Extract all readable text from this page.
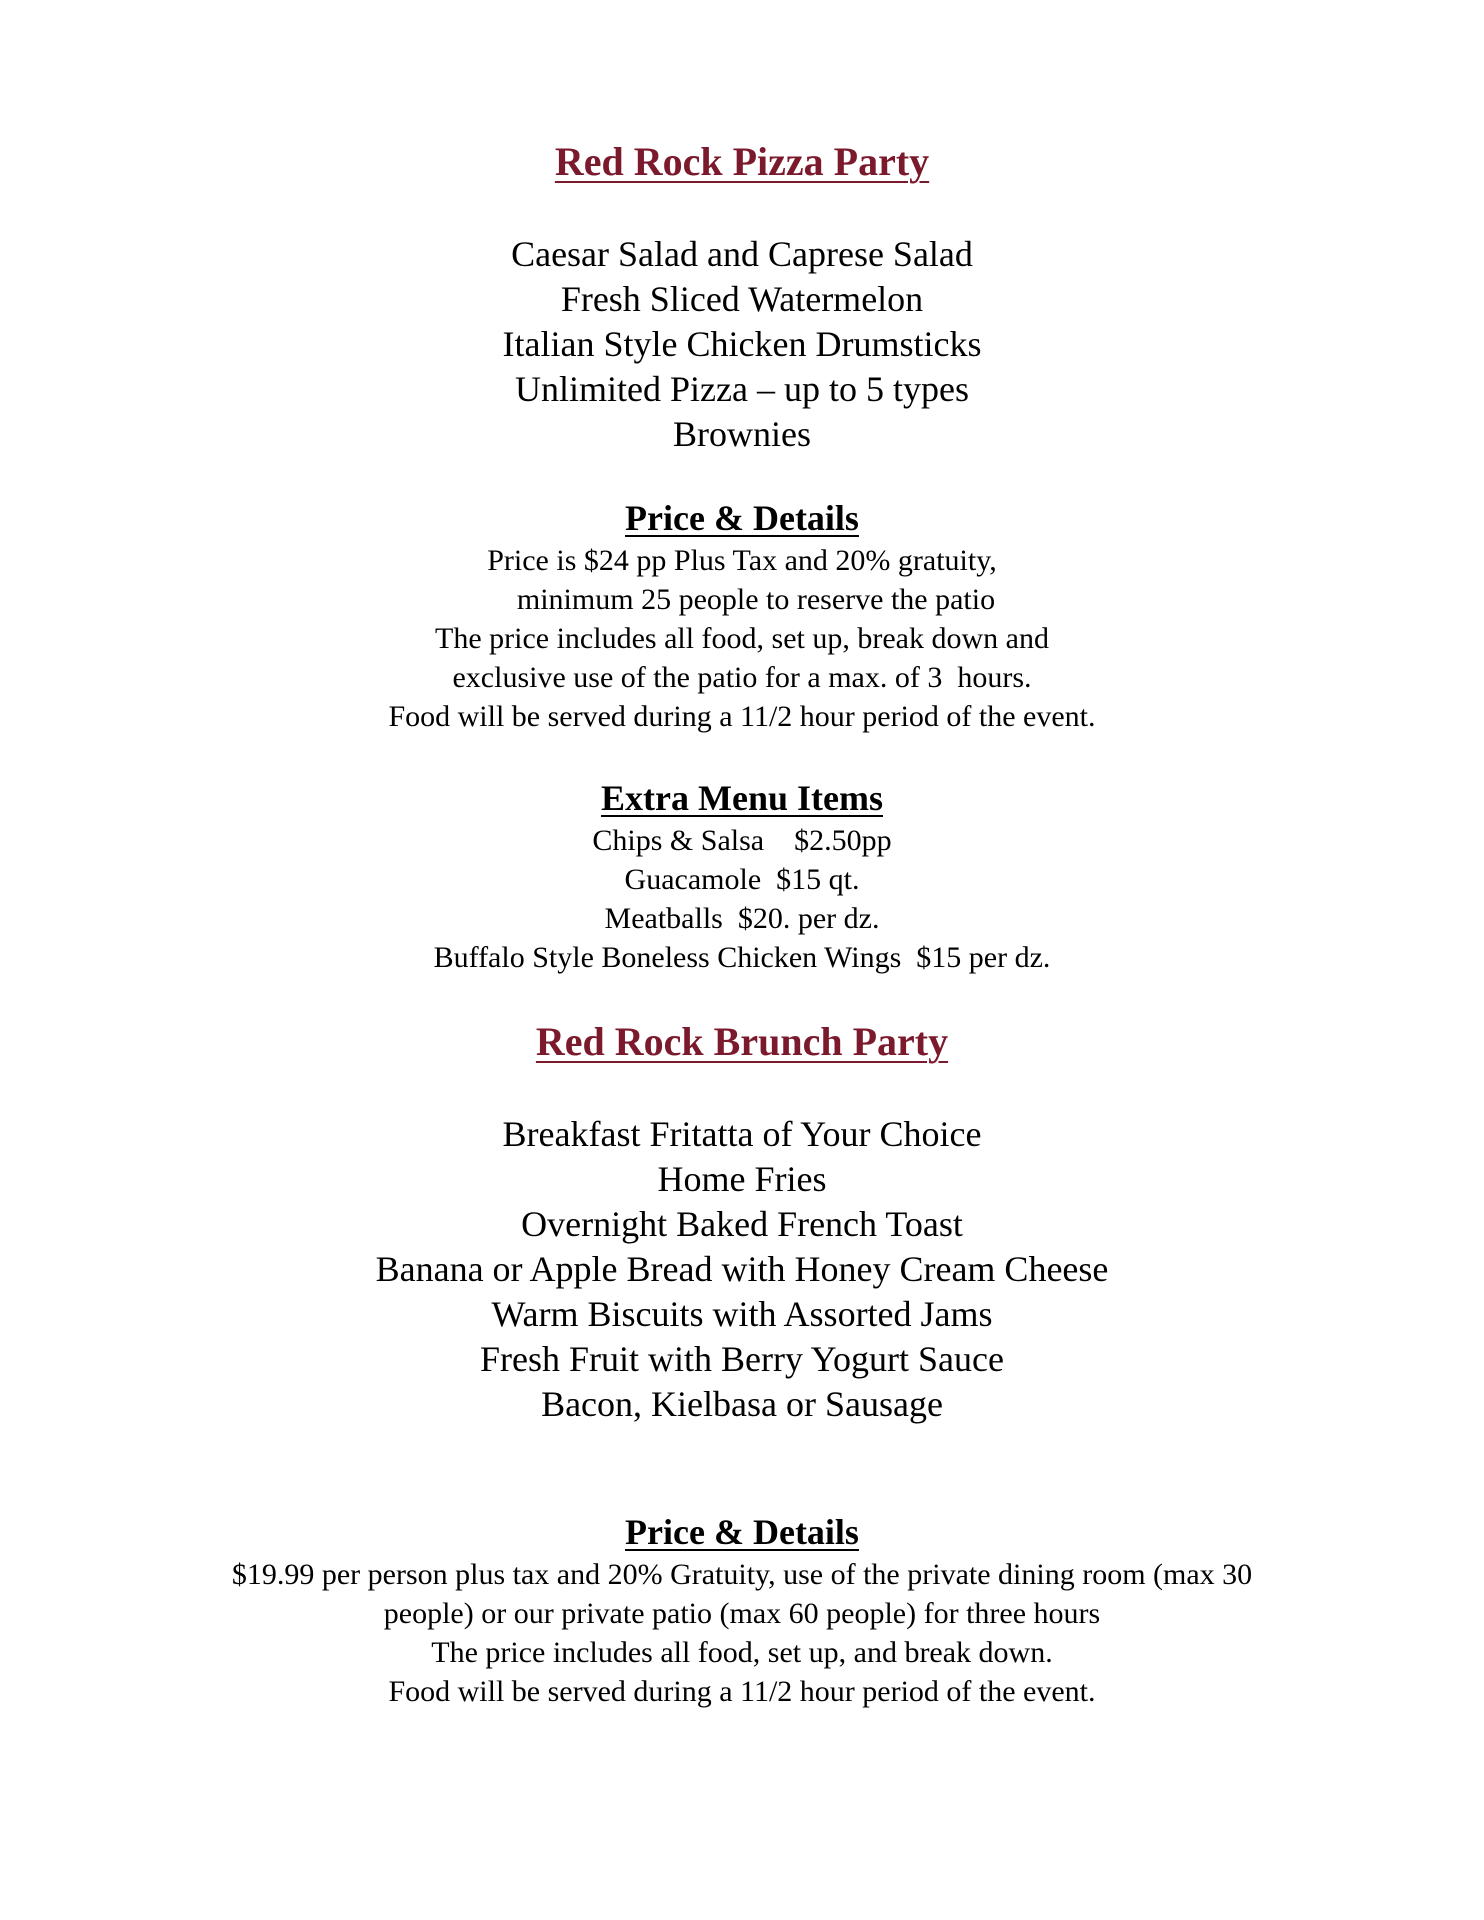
Red Rock Pizza Party
Caesar Salad and Caprese Salad
Fresh Sliced Watermelon
Italian Style Chicken Drumsticks
Unlimited Pizza – up to 5 types
Brownies
Price & Details
Price is $24 pp Plus Tax and 20% gratuity,
minimum 25 people to reserve the patio
The price includes all food, set up, break down and
exclusive use of the patio for a max. of 3  hours.
Food will be served during a 11/2 hour period of the event.
Extra Menu Items
Chips & Salsa    $2.50pp
Guacamole  $15 qt.
Meatballs  $20. per dz.
Buffalo Style Boneless Chicken Wings  $15 per dz.
Red Rock Brunch Party
Breakfast Fritatta of Your Choice
Home Fries
Overnight Baked French Toast
Banana or Apple Bread with Honey Cream Cheese
Warm Biscuits with Assorted Jams
Fresh Fruit with Berry Yogurt Sauce
Bacon, Kielbasa or Sausage
Price & Details
$19.99 per person plus tax and 20% Gratuity, use of the private dining room (max 30
people) or our private patio (max 60 people) for three hours
The price includes all food, set up, and break down.
Food will be served during a 11/2 hour period of the event.
